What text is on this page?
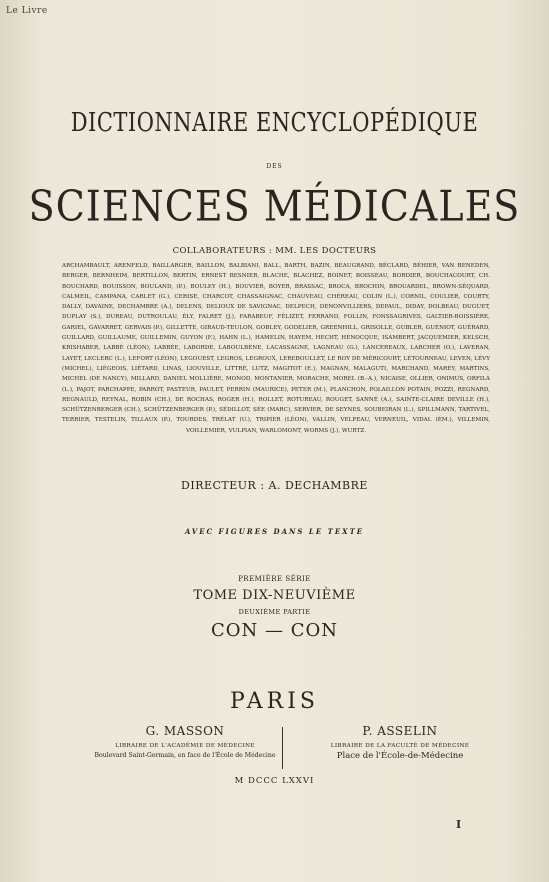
Le Livre
DICTIONNAIRE ENCYCLOPÉDIQUE
DES
SCIENCES MÉDICALES
COLLABORATEURS : MM. LES DOCTEURS
ARCHAMBAULT, ARENFELD, BAILLARGER, BAILLON, BALBIANI, BALL, BARTH, BAZIN, BEAUGRAND, BÉCLARD, BÉHIER, VAN BENEDEN, BERGER, BERNHEIM, BERTILLON, BERTIN, ERNEST BESNIER, BLACHE, BLACHEZ, BOINET, BOISSEAU, BORDIER, BOUCHACOURT, CH. BOUCHARD, BOUISSON, BOULAND, (P.), BOULEY (H.), BOUVIER, BOYER, BRASSAC, BROCA, BROCHIN, BROUARDEL, BROWN-SÉQUARD, CALMEIL, CAMPANA, CARLET (G.), CERISE, CHARCOT, CHASSAIGNAC, CHAUVEAU, CHÉREAU, COLIN (L.), CORNIL, COULIER, COURTY, DALLY, DAVAINE, DECHAMBRE (A.), DELENS, DELIOUX DE SAVIGNAC, DELPECH, DENONVILLIERS, DEPAUL, DIDAY, DOLBEAU, DUGUET, DUPLAY (S.), DUREAU, DUTROULAU, ÉLY, FALRET (J.), FARABEUF, FÉLIZET, FERRAND, FOLLIN, FONSSAGRIVES, GALTIER-BOISSIÈRE, GARIEL, GAVARRET, GERVAIS (P.), GILLETTE, GIRAUD-TEULON, GOBLEY, GODELIER, GREENHILL, GRISOLLE, GUBLER, GUÉNIOT, GUÉRARD, GUILLARD, GUILLAUME, GUILLEMIN, GUYON (F.), HAHN (L.), HAMELIN, HAYEM, HECHT, HÉNOCQUE, ISAMBERT, JACQUEMIER, KELSCH, KRISHABER, LABBÉ (LÉON), LABBÉE, LABORDE, LABOULBÈNE, LACASSAGNE, LAGNEAU (G.), LANCEREAUX, LARCHER (O.), LAVERAN, LAYET, LECLERC (L.), LEFORT (LÉON), LEGOUEST, LEGROS, LEGROUX, LEREBOULLET, LE ROY DE MÉRICOURT, LÉTOURNEAU, LEVEN, LÉVY (MICHEL), LIÉGEOIS, LIÉTARD, LINAS, LIOUVILLE, LITTRÉ, LUTZ, MAGITOT (E.), MAGNAN, MALAGUTI, MARCHAND, MAREY, MARTINS, MICHEL (DE NANCY), MILLARD, DANIEL MOLLIÈRE, MONOD, MONTANIER, MORACHE, MOREL (B.-A.), NICAISE, OLLIER, ONIMUS, ORFILA (L.), PAJOT, PARCHAPPE, PARROT, PASTEUR, PAULET, PERRIN (MAURICE), PETER (M.), PLANCHON, POLAILLON POTAIN, POZZI, REGNARD, REGNAULD, REYNAL, ROBIN (CH.), DE ROCHAS, ROGER (H.), ROLLET, ROTUREAU, ROUGET, SANNÉ (A.), SAINTE-CLAIRE DEVILLE (H.), SCHÜTZENBERGER (CH.), SCHÜTZENBERGER (P.), SÉDILLOT, SÉE (MARC), SERVIER, DE SEYNES, SOUBEIRAN (L.), SPILLMANN, TARTIVEL, TERRIER, TESTELIN, TILLAUX (P.), TOURDES, TRÉLAT (U.), TRIPIER (LÉON), VALLIN, VELPEAU, VERNEUIL, VIDAL (ÉM.), VILLEMIN, VOILLEMIER, VULPIAN, WARLOMONT, WORMS (J.), WURTZ.
DIRECTEUR : A. DECHAMBRE
AVEC FIGURES DANS LE TEXTE
PREMIÈRE SÉRIE
TOME DIX-NEUVIÈME
DEUXIÈME PARTIE
CON — CON
PARIS
G. MASSON
LIBRAIRE DE L'ACADÉMIE DE MÉDECINE
Boulevard Saint-Germain, en face de l'École de Médecine
P. ASSELIN
LIBRAIRE DE LA FACULTÉ DE MÉDECINE
Place de l'École-de-Médecine
M DCCC LXXVI
I
